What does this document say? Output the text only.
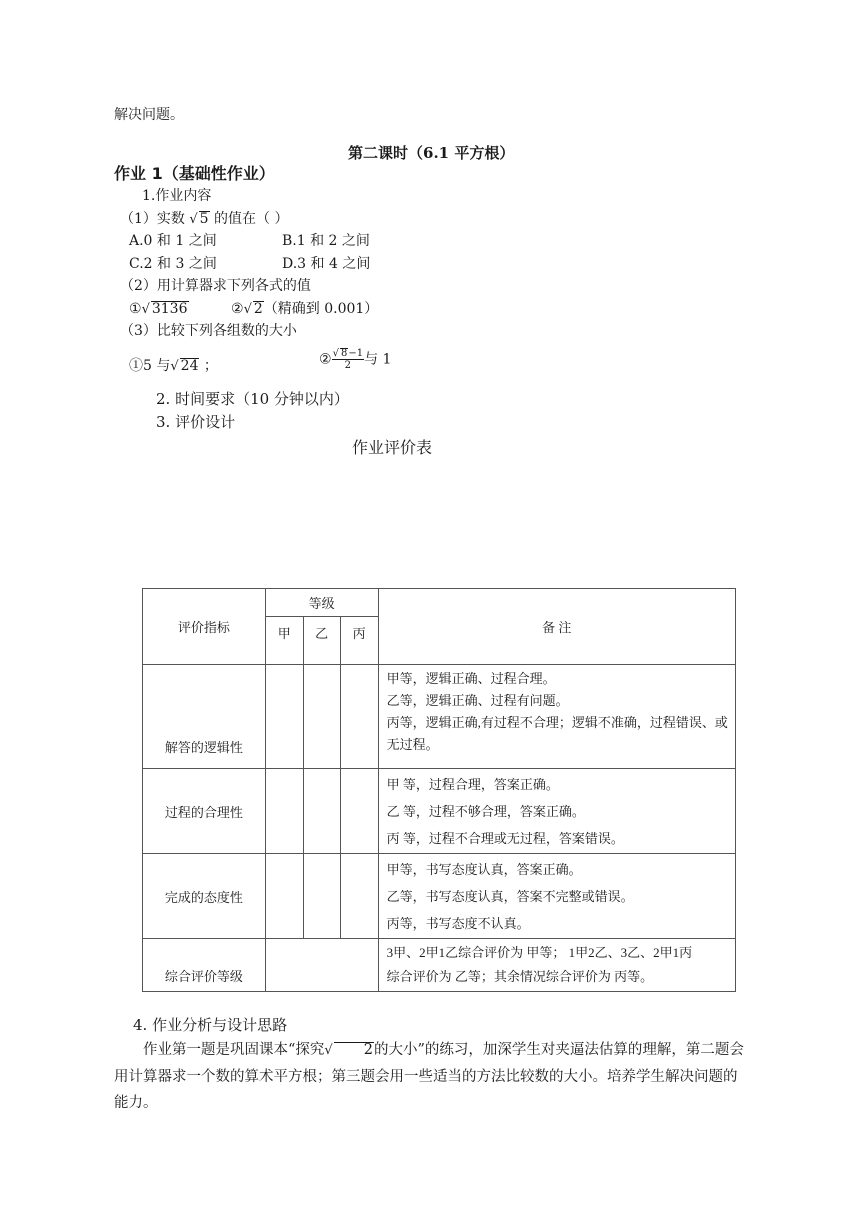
解决问题。
第二课时（6.1 平方根）
作业 1（基础性作业）
1.作业内容
（1）实数 √ 5 的值在（ ）
A.0 和 1 之间	B.1 和 2 之间
C.2 和 3 之间	D.3 和 4 之间
（2）用计算器求下列各式的值
①√ 3136	②√ 2（精确到 0.001）
（3）比较下列各组数的大小
①5 与√ 24 ；	② $\frac{√ 8-1}{2}$ 与 1
2. 时间要求（10 分钟以内）
3. 评价设计
作业评价表
评价指标	等级			备 注
	甲	乙	丙	
解答的逻辑性				甲等，逻辑正确、过程合理。

乙等，逻辑正确、过程有问题。

丙等，逻辑正确,有过程不合理；逻辑不准确，过程错误、或无过程。

过程的合理性				甲 等，过程合理，答案正确。

乙 等，过程不够合理，答案正确。

丙 等，过程不合理或无过程，答案错误。

完成的态度性				甲等，书写态度认真，答案正确。

乙等，书写态度认真，答案不完整或错误。

丙等，书写态度不认真。

综合评价等级				3甲、2甲1乙综合评价为 甲等； 1甲2乙、3乙、2甲1丙

综合评价为 乙等；其余情况综合评价为 丙等。

4. 作业分析与设计思路
作业第一题是巩固课本“探究√ 2的大小”的练习，加深学生对夹逼法估算的理解，第二题会用计算器求一个数的算术平方根；第三题会用一些适当的方法比较数的大小。培养学生解决问题的能力。
